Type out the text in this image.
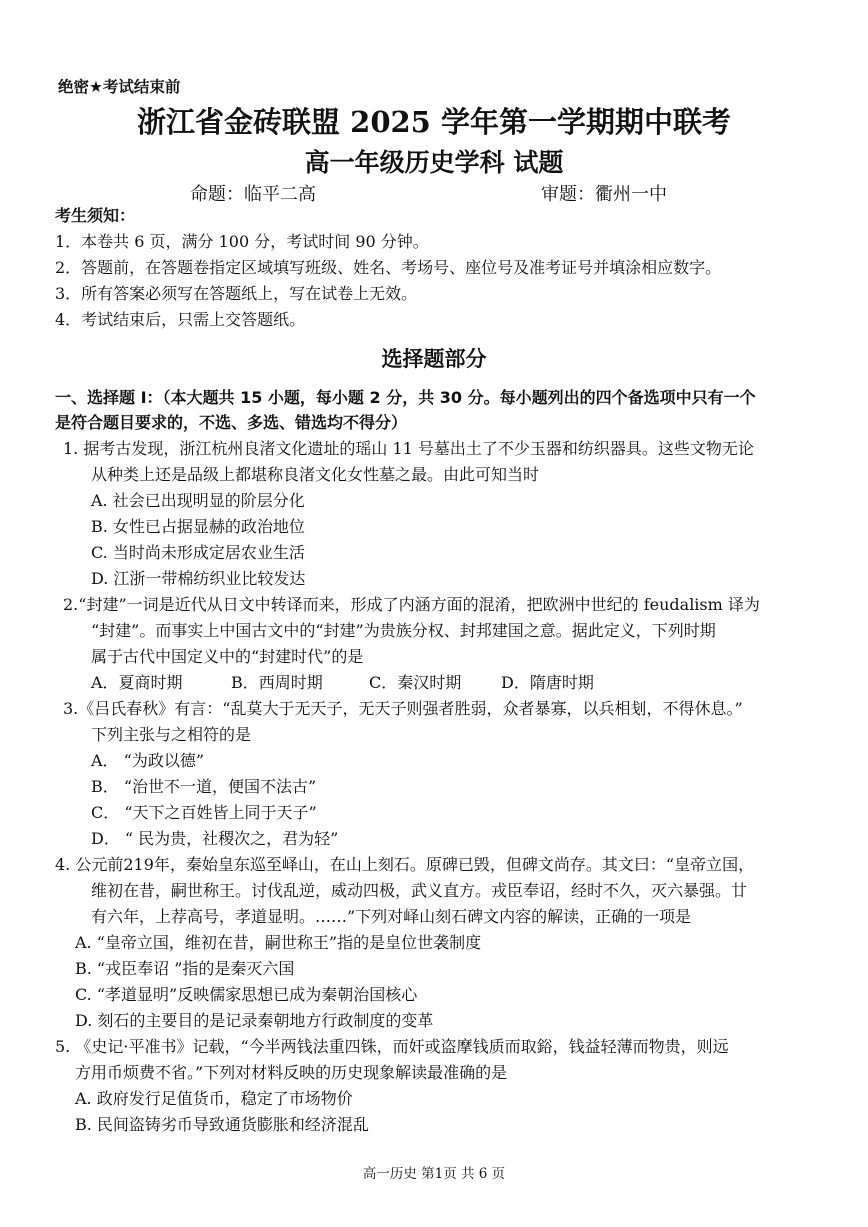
绝密★考试结束前
浙江省金砖联盟 2025 学年第一学期期中联考
高一年级历史学科 试题
命题：临平二高	审题：衢州一中
考生须知：
1．本卷共 6 页，满分 100 分，考试时间 90 分钟。
2．答题前，在答题卷指定区域填写班级、姓名、考场号、座位号及准考证号并填涂相应数字。
3．所有答案必须写在答题纸上，写在试卷上无效。
4．考试结束后，只需上交答题纸。
选择题部分
一、选择题 I：（本大题共 15 小题，每小题 2 分，共 30 分。每小题列出的四个备选项中只有一个
是符合题目要求的，不选、多选、错选均不得分）
1. 据考古发现，浙江杭州良渚文化遗址的瑶山 11 号墓出土了不少玉器和纺织器具。这些文物无论
从种类上还是品级上都堪称良渚文化女性墓之最。由此可知当时
A. 社会已出现明显的阶层分化
B. 女性已占据显赫的政治地位
C. 当时尚未形成定居农业生活
D. 江浙一带棉纺织业比较发达
2.“封建”一词是近代从日文中转译而来，形成了内涵方面的混淆，把欧洲中世纪的 feudalism 译为
“封建”。而事实上中国古文中的“封建”为贵族分权、封邦建国之意。据此定义，下列时期
属于古代中国定义中的“封建时代”的是
A．夏商时期	B．西周时期	C．秦汉时期 D．隋唐时期
3.《吕氏春秋》有言：“乱莫大于无天子，无天子则强者胜弱，众者暴寡，以兵相刬，不得休息。”
下列主张与之相符的是
A． “为政以德”
B． “治世不一道，便国不法古”
C． “天下之百姓皆上同于天子”
D． “ 民为贵，社稷次之，君为轻”
4. 公元前219年，秦始皇东巡至峄山，在山上刻石。原碑已毁，但碑文尚存。其文曰：“皇帝立国，
维初在昔，嗣世称王。讨伐乱逆，威动四极，武义直方。戎臣奉诏，经时不久，灭六暴强。廿
有六年，上荐高号，孝道显明。……”下列对峄山刻石碑文内容的解读，正确的一项是
A. “皇帝立国，维初在昔，嗣世称王”指的是皇位世袭制度
B. “戎臣奉诏 ”指的是秦灭六国
C. “孝道显明”反映儒家思想已成为秦朝治国核心
D. 刻石的主要目的是记录秦朝地方行政制度的变革
5. 《史记·平准书》记载，“今半两钱法重四铢，而奸或盗摩钱质而取鋊，钱益轻薄而物贵，则远
方用币烦费不省。”下列对材料反映的历史现象解读最准确的是
A. 政府发行足值货币，稳定了市场物价
B. 民间盗铸劣币导致通货膨胀和经济混乱
高一历史 第1页 共 6 页
